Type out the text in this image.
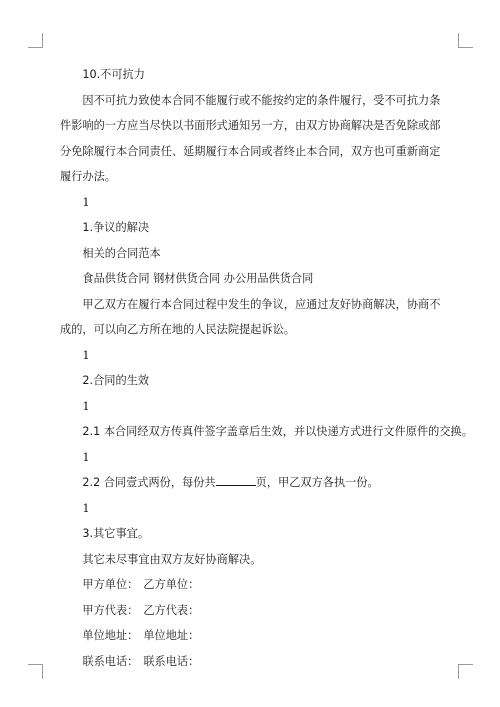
10.不可抗力

因不可抗力致使本合同不能履行或不能按约定的条件履行，受不可抗力条件影响的一方应当尽快以书面形式通知另一方，由双方协商解决是否免除或部分免除履行本合同责任、延期履行本合同或者终止本合同，双方也可重新商定履行办法。

1

1.争议的解决

相关的合同范本

食品供货合同 钢材供货合同 办公用品供货合同

甲乙双方在履行本合同过程中发生的争议，应通过友好协商解决，协商不成的，可以向乙方所在地的人民法院提起诉讼。

1

2.合同的生效

1

2.1 本合同经双方传真件签字盖章后生效，并以快递方式进行文件原件的交换。

1

2.2 合同壹式两份，每份共	页，甲乙双方各执一份。

1

3.其它事宜。

其它未尽事宜由双方友好协商解决。

甲方单位： 乙方单位：

甲方代表： 乙方代表：

单位地址： 单位地址：

联系电话： 联系电话：
